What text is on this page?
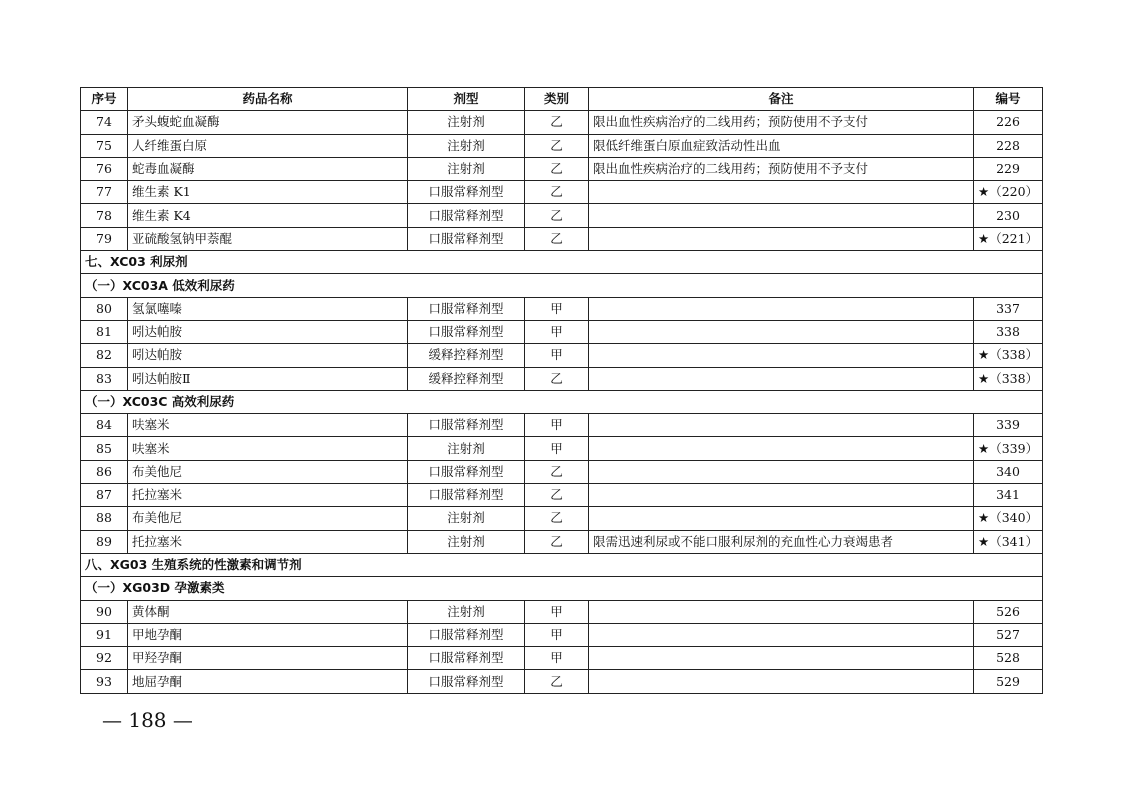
序号	药品名称	剂型	类别	备注	编号
74	矛头蝮蛇血凝酶	注射剂	乙	限出血性疾病治疗的二线用药；预防使用不予支付	226
75	人纤维蛋白原	注射剂	乙	限低纤维蛋白原血症致活动性出血	228
76	蛇毒血凝酶	注射剂	乙	限出血性疾病治疗的二线用药；预防使用不予支付	229
77	维生素 K1	口服常释剂型	乙		★（220）
78	维生素 K4	口服常释剂型	乙		230
79	亚硫酸氢钠甲萘醌	口服常释剂型	乙		★（221）
七、XC03 利尿剂					
（一）XC03A 低效利尿药					
80	氢氯噻嗪	口服常释剂型	甲		337
81	吲达帕胺	口服常释剂型	甲		338
82	吲达帕胺	缓释控释剂型	甲		★（338）
83	吲达帕胺Ⅱ	缓释控释剂型	乙		★（338）
（一）XC03C 高效利尿药					
84	呋塞米	口服常释剂型	甲		339
85	呋塞米	注射剂	甲		★（339）
86	布美他尼	口服常释剂型	乙		340
87	托拉塞米	口服常释剂型	乙		341
88	布美他尼	注射剂	乙		★（340）
89	托拉塞米	注射剂	乙	限需迅速利尿或不能口服利尿剂的充血性心力衰竭患者	★（341）
八、XG03 生殖系统的性激素和调节剂					
（一）XG03D 孕激素类					
90	黄体酮	注射剂	甲		526
91	甲地孕酮	口服常释剂型	甲		527
92	甲羟孕酮	口服常释剂型	甲		528
93	地屈孕酮	口服常释剂型	乙		529
— 188 —
